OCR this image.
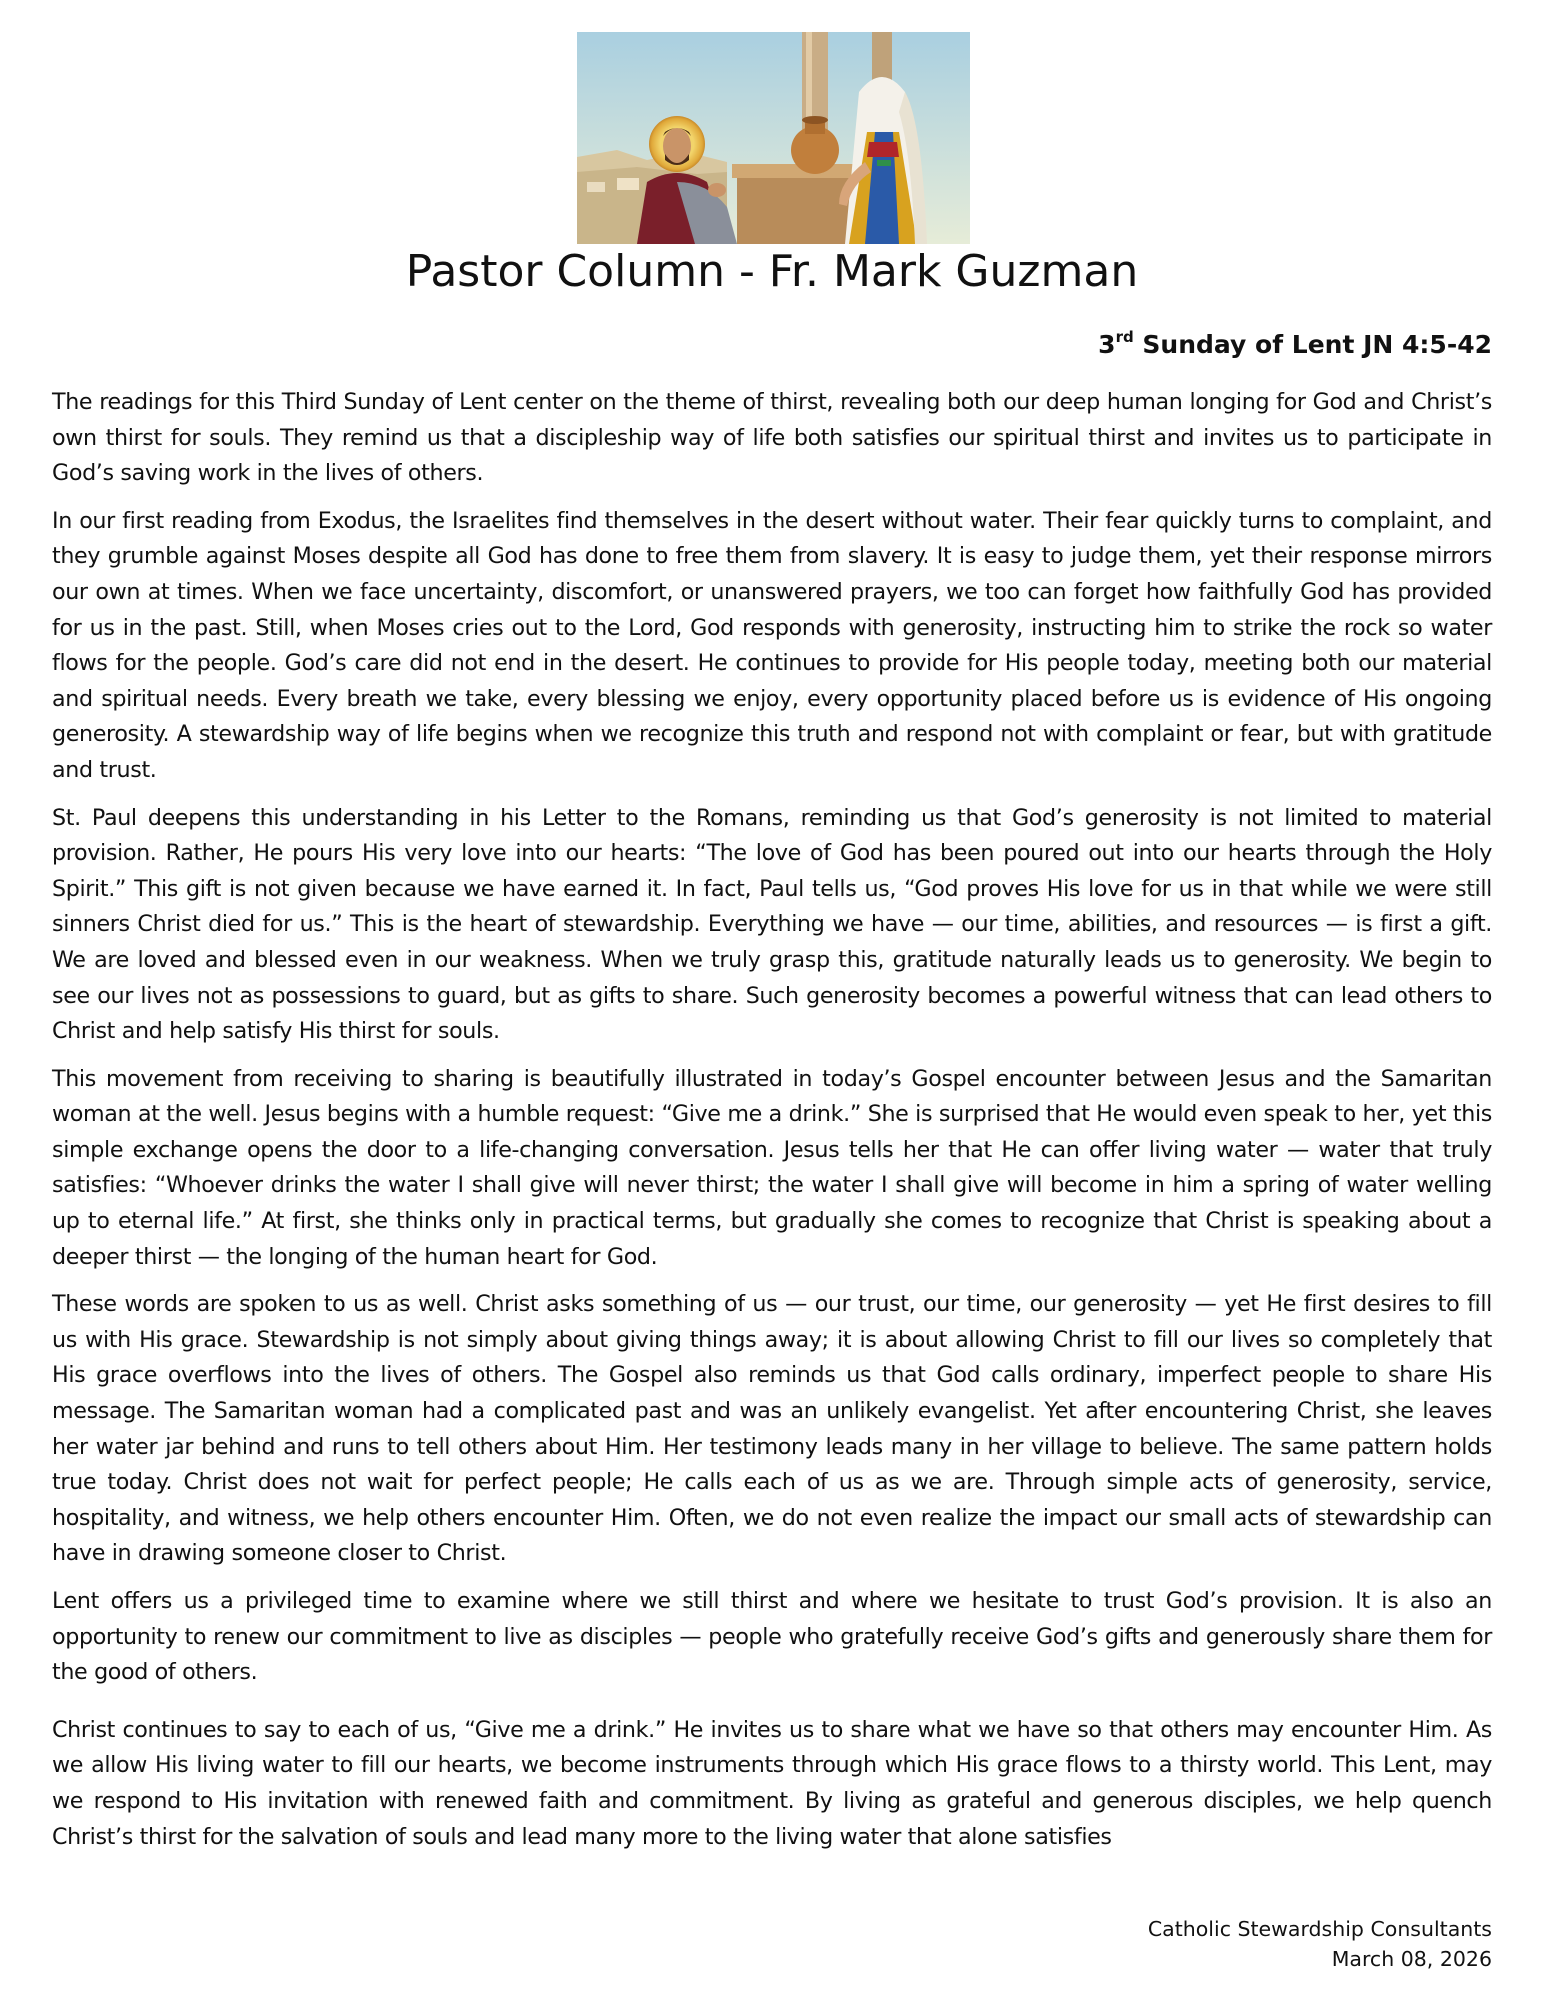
Pastor Column - Fr. Mark Guzman
3rd Sunday of Lent JN 4:5-42

The readings for this Third Sunday of Lent center on the theme of thirst, revealing both our deep human longing for God and Christ’s own thirst for souls. They remind us that a discipleship way of life both satisfies our spiritual thirst and invites us to participate in God’s saving work in the lives of others.

In our first reading from Exodus, the Israelites find themselves in the desert without water. Their fear quickly turns to complaint, and they grumble against Moses despite all God has done to free them from slavery. It is easy to judge them, yet their response mirrors our own at times. When we face uncertainty, discomfort, or unanswered prayers, we too can forget how faithfully God has provided for us in the past. Still, when Moses cries out to the Lord, God responds with generosity, instructing him to strike the rock so water flows for the people. God’s care did not end in the desert. He continues to provide for His people today, meeting both our material and spiritual needs. Every breath we take, every blessing we enjoy, every opportunity placed before us is evidence of His ongoing generosity. A stewardship way of life begins when we recognize this truth and respond not with complaint or fear, but with gratitude and trust.

St. Paul deepens this understanding in his Letter to the Romans, reminding us that God’s generosity is not limited to material provision. Rather, He pours His very love into our hearts: “The love of God has been poured out into our hearts through the Holy Spirit.” This gift is not given because we have earned it. In fact, Paul tells us, “God proves His love for us in that while we were still sinners Christ died for us.” This is the heart of stewardship. Everything we have — our time, abilities, and resources — is first a gift. We are loved and blessed even in our weakness. When we truly grasp this, gratitude naturally leads us to generosity. We begin to see our lives not as possessions to guard, but as gifts to share. Such generosity becomes a powerful witness that can lead others to Christ and help satisfy His thirst for souls.

This movement from receiving to sharing is beautifully illustrated in today’s Gospel encounter between Jesus and the Samaritan woman at the well. Jesus begins with a humble request: “Give me a drink.” She is surprised that He would even speak to her, yet this simple exchange opens the door to a life-changing conversation. Jesus tells her that He can offer living water — water that truly satisfies: “Whoever drinks the water I shall give will never thirst; the water I shall give will become in him a spring of water welling up to eternal life.” At first, she thinks only in practical terms, but gradually she comes to recognize that Christ is speaking about a deeper thirst — the longing of the human heart for God.

These words are spoken to us as well. Christ asks something of us — our trust, our time, our generosity — yet He first desires to fill us with His grace. Stewardship is not simply about giving things away; it is about allowing Christ to fill our lives so completely that His grace overflows into the lives of others. The Gospel also reminds us that God calls ordinary, imperfect people to share His message. The Samaritan woman had a complicated past and was an unlikely evangelist. Yet after encountering Christ, she leaves her water jar behind and runs to tell others about Him. Her testimony leads many in her village to believe. The same pattern holds true today. Christ does not wait for perfect people; He calls each of us as we are. Through simple acts of generosity, service, hospitality, and witness, we help others encounter Him. Often, we do not even realize the impact our small acts of stewardship can have in drawing someone closer to Christ.

Lent offers us a privileged time to examine where we still thirst and where we hesitate to trust God’s provision. It is also an opportunity to renew our commitment to live as disciples — people who gratefully receive God’s gifts and generously share them for the good of others.

Christ continues to say to each of us, “Give me a drink.” He invites us to share what we have so that others may encounter Him. As we allow His living water to fill our hearts, we become instruments through which His grace flows to a thirsty world. This Lent, may we respond to His invitation with renewed faith and commitment. By living as grateful and generous disciples, we help quench Christ’s thirst for the salvation of souls and lead many more to the living water that alone satisfies

Catholic Stewardship Consultants
March 08, 2026
